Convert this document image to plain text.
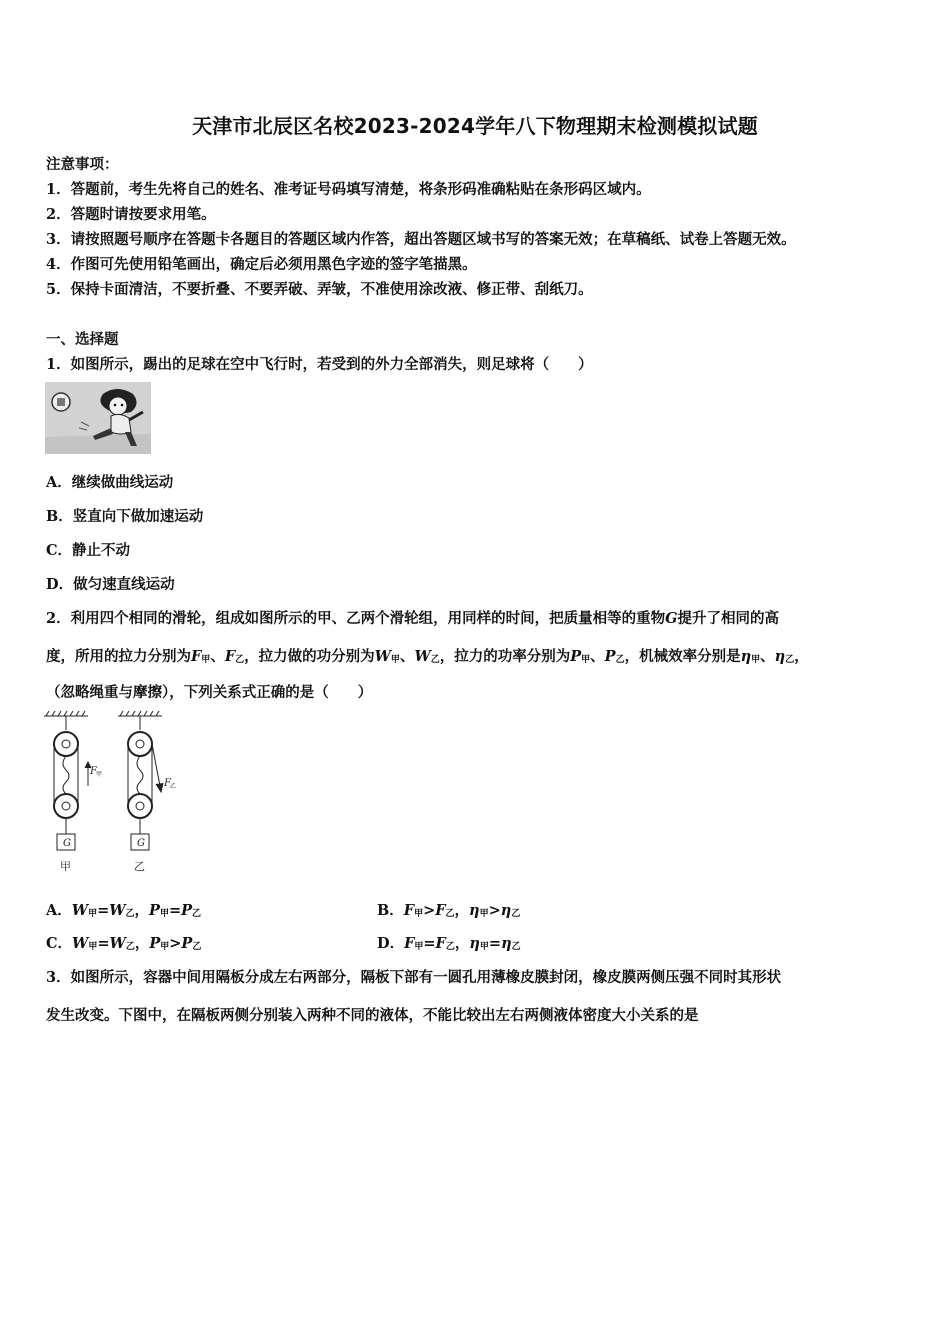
天津市北辰区名校2023-2024学年八下物理期末检测模拟试题
注意事项：
1．答题前，考生先将自己的姓名、准考证号码填写清楚，将条形码准确粘贴在条形码区域内。
2．答题时请按要求用笔。
3．请按照题号顺序在答题卡各题目的答题区域内作答，超出答题区域书写的答案无效；在草稿纸、试卷上答题无效。
4．作图可先使用铅笔画出，确定后必须用黑色字迹的签字笔描黑。
5．保持卡面清洁，不要折叠、不要弄破、弄皱，不准使用涂改液、修正带、刮纸刀。
一、选择题
1．如图所示，踢出的足球在空中飞行时，若受到的外力全部消失，则足球将（　　）
A．继续做曲线运动
B．竖直向下做加速运动
C．静止不动
D．做匀速直线运动
2．利用四个相同的滑轮，组成如图所示的甲、乙两个滑轮组，用同样的时间，把质量相等的重物G提升了相同的高
度，所用的拉力分别为F甲、F乙，拉力做的功分别为W甲、W乙，拉力的功率分别为P甲、P乙，机械效率分别是η甲、η乙，
（忽略绳重与摩擦），下列关系式正确的是（　　）
G	G
F
F
甲
乙
甲	乙
A．W甲=W乙，P甲=P乙	B．F甲>F乙，η甲>η乙
C．W甲=W乙，P甲>P乙	D．F甲=F乙，η甲=η乙
3．如图所示，容器中间用隔板分成左右两部分，隔板下部有一圆孔用薄橡皮膜封闭，橡皮膜两侧压强不同时其形状
发生改变。下图中，在隔板两侧分别装入两种不同的液体，不能比较出左右两侧液体密度大小关系的是
